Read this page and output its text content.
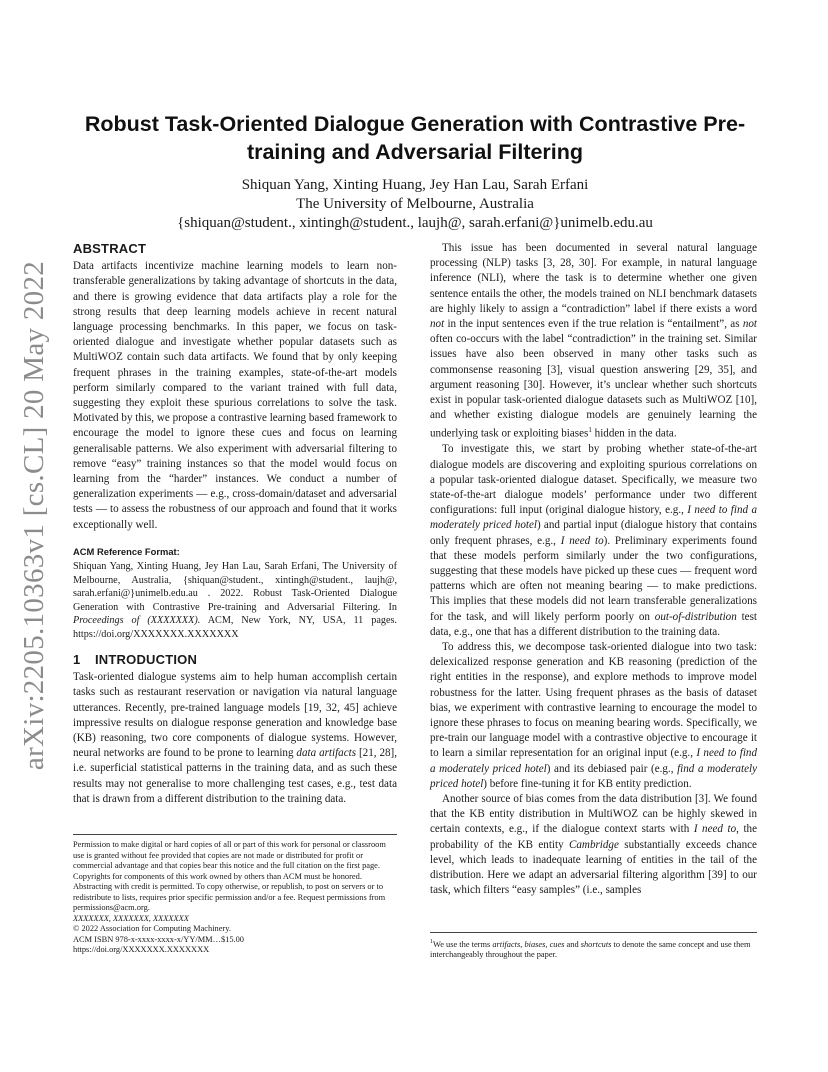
arXiv:2205.10363v1 [cs.CL] 20 May 2022
Robust Task-Oriented Dialogue Generation with Contrastive Pre-training and Adversarial Filtering
Shiquan Yang, Xinting Huang, Jey Han Lau, Sarah Erfani
The University of Melbourne, Australia
{shiquan@student., xintingh@student., laujh@, sarah.erfani@}unimelb.edu.au
ABSTRACT

Data artifacts incentivize machine learning models to learn non-transferable generalizations by taking advantage of shortcuts in the data, and there is growing evidence that data artifacts play a role for the strong results that deep learning models achieve in recent natural language processing benchmarks. In this paper, we focus on task-oriented dialogue and investigate whether popular datasets such as MultiWOZ contain such data artifacts. We found that by only keeping frequent phrases in the training examples, state-of-the-art models perform similarly compared to the variant trained with full data, suggesting they exploit these spurious correlations to solve the task. Motivated by this, we propose a contrastive learning based framework to encourage the model to ignore these cues and focus on learning generalisable patterns. We also experiment with adversarial filtering to remove “easy” training instances so that the model would focus on learning from the “harder” instances. We conduct a number of generalization experiments — e.g., cross-domain/dataset and adversarial tests — to assess the robustness of our approach and found that it works exceptionally well.

ACM Reference Format:

Shiquan Yang, Xinting Huang, Jey Han Lau, Sarah Erfani, The University of Melbourne, Australia, {shiquan@student., xintingh@student., laujh@, sarah.erfani@}unimelb.edu.au . 2022. Robust Task-Oriented Dialogue Generation with Contrastive Pre-training and Adversarial Filtering. In Proceedings of (XXXXXXX). ACM, New York, NY, USA, 11 pages. https://doi.org/XXXXXXX.XXXXXXX

1 INTRODUCTION

Task-oriented dialogue systems aim to help human accomplish certain tasks such as restaurant reservation or navigation via natural language utterances. Recently, pre-trained language models [19, 32, 45] achieve impressive results on dialogue response generation and knowledge base (KB) reasoning, two core components of dialogue systems. However, neural networks are found to be prone to learning data artifacts [21, 28], i.e. superficial statistical patterns in the training data, and as such these results may not generalise to more challenging test cases, e.g., test data that is drawn from a different distribution to the training data.

Permission to make digital or hard copies of all or part of this work for personal or classroom use is granted without fee provided that copies are not made or distributed for profit or commercial advantage and that copies bear this notice and the full citation on the first page. Copyrights for components of this work owned by others than ACM must be honored. Abstracting with credit is permitted. To copy otherwise, or republish, to post on servers or to redistribute to lists, requires prior specific permission and/or a fee. Request permissions from permissions@acm.org.

XXXXXXX, XXXXXXX, XXXXXXX

© 2022 Association for Computing Machinery.

ACM ISBN 978-x-xxxx-xxxx-x/YY/MM…$15.00

https://doi.org/XXXXXXX.XXXXXXX

This issue has been documented in several natural language processing (NLP) tasks [3, 28, 30]. For example, in natural language inference (NLI), where the task is to determine whether one given sentence entails the other, the models trained on NLI benchmark datasets are highly likely to assign a “contradiction” label if there exists a word not in the input sentences even if the true relation is “entailment”, as not often co-occurs with the label “contradiction” in the training set. Similar issues have also been observed in many other tasks such as commonsense reasoning [3], visual question answering [29, 35], and argument reasoning [30]. However, it’s unclear whether such shortcuts exist in popular task-oriented dialogue datasets such as MultiWOZ [10], and whether existing dialogue models are genuinely learning the underlying task or exploiting biases$^1$ hidden in the data.

To investigate this, we start by probing whether state-of-the-art dialogue models are discovering and exploiting spurious correlations on a popular task-oriented dialogue dataset. Specifically, we measure two state-of-the-art dialogue models’ performance under two different configurations: full input (original dialogue history, e.g., I need to find a moderately priced hotel) and partial input (dialogue history that contains only frequent phrases, e.g., I need to). Preliminary experiments found that these models perform similarly under the two configurations, suggesting that these models have picked up these cues — frequent word patterns which are often not meaning bearing — to make predictions. This implies that these models did not learn transferable generalizations for the task, and will likely perform poorly on out-of-distribution test data, e.g., one that has a different distribution to the training data.

To address this, we decompose task-oriented dialogue into two task: delexicalized response generation and KB reasoning (prediction of the right entities in the response), and explore methods to improve model robustness for the latter. Using frequent phrases as the basis of dataset bias, we experiment with contrastive learning to encourage the model to ignore these phrases to focus on meaning bearing words. Specifically, we pre-train our language model with a contrastive objective to encourage it to learn a similar representation for an original input (e.g., I need to find a moderately priced hotel) and its debiased pair (e.g., find a moderately priced hotel) before fine-tuning it for KB entity prediction.

Another source of bias comes from the data distribution [3]. We found that the KB entity distribution in MultiWOZ can be highly skewed in certain contexts, e.g., if the dialogue context starts with I need to, the probability of the KB entity Cambridge substantially exceeds chance level, which leads to inadequate learning of entities in the tail of the distribution. Here we adapt an adversarial filtering algorithm [39] to our task, which filters “easy samples” (i.e., samples

$^1$We use the terms artifacts, biases, cues and shortcuts to denote the same concept and use them interchangeably throughout the paper.
